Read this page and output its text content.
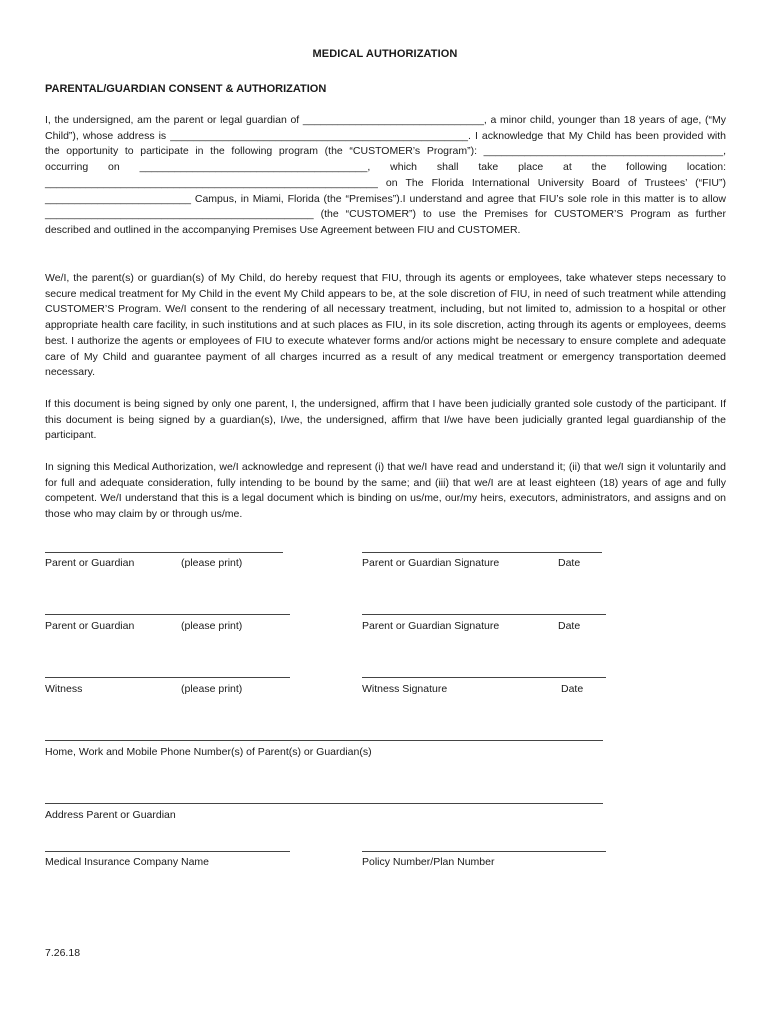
MEDICAL AUTHORIZATION
PARENTAL/GUARDIAN CONSENT & AUTHORIZATION

I, the undersigned, am the parent or legal guardian of _______________________________, a minor child, younger than 18 years of age, (“My Child”), whose address is ___________________________________________________. I acknowledge that My Child has been provided with the opportunity to participate in the following program (the “CUSTOMER’s Program”): _________________________________________, occurring on _______________________________________, which shall take place at the following location: _________________________________________________________ on The Florida International University Board of Trustees’ (“FIU”) _________________________ Campus, in Miami, Florida (the “Premises”).I understand and agree that FIU’s sole role in this matter is to allow ______________________________________________ (the “CUSTOMER”) to use the Premises for CUSTOMER’S Program as further described and outlined in the accompanying Premises Use Agreement between FIU and CUSTOMER.

We/I, the parent(s) or guardian(s) of My Child, do hereby request that FIU, through its agents or employees, take whatever steps necessary to secure medical treatment for My Child in the event My Child appears to be, at the sole discretion of FIU, in need of such treatment while attending CUSTOMER’S Program. We/I consent to the rendering of all necessary treatment, including, but not limited to, admission to a hospital or other appropriate health care facility, in such institutions and at such places as FIU, in its sole discretion, acting through its agents or employees, deems best. I authorize the agents or employees of FIU to execute whatever forms and/or actions might be necessary to ensure complete and adequate care of My Child and guarantee payment of all charges incurred as a result of any medical treatment or emergency transportation deemed necessary.

If this document is being signed by only one parent, I, the undersigned, affirm that I have been judicially granted sole custody of the participant. If this document is being signed by a guardian(s), I/we, the undersigned, affirm that I/we have been judicially granted legal guardianship of the participant.

In signing this Medical Authorization, we/I acknowledge and represent (i) that we/I have read and understand it; (ii) that we/I sign it voluntarily and for full and adequate consideration, fully intending to be bound by the same; and (iii) that we/I are at least eighteen (18) years of age and fully competent. We/I understand that this is a legal document which is binding on us/me, our/my heirs, executors, administrators, and assigns and on those who may claim by or through us/me.

Parent or Guardian	(please print)	Parent or Guardian Signature	Date
Parent or Guardian	(please print)	Parent or Guardian Signature	Date
Witness	(please print)	Witness Signature	Date
Home, Work and Mobile Phone Number(s) of Parent(s) or Guardian(s)
Address Parent or Guardian
Medical Insurance Company Name	Policy Number/Plan Number
7.26.18
